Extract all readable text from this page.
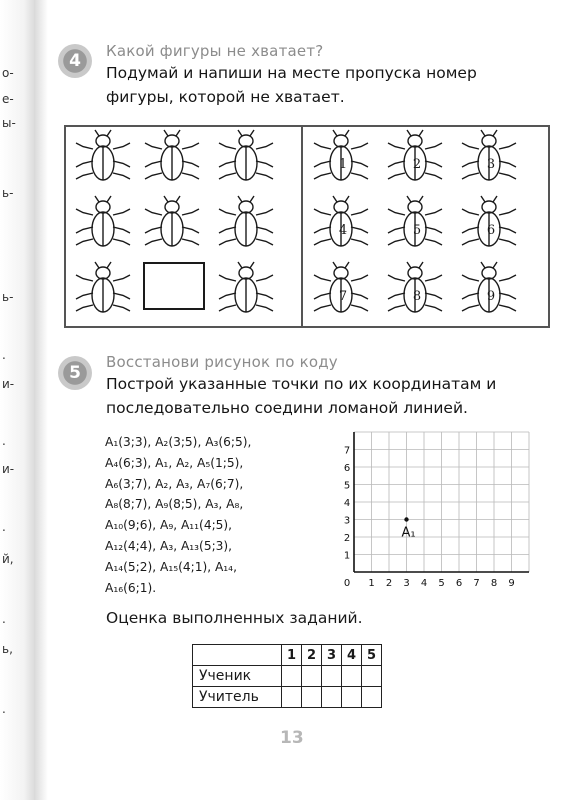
о-
е-
ы-
ь-
ь-
.
и-
.
и-
.
й,
.
ь,
.
4	Какой фигуры не хватает?
Подумай и напиши на месте пропуска номер
фигуры, которой не хватает.
1	2	3
4	5	6
7	8	9
5
Восстанови рисунок по коду
Построй указанные точки по их координатам и
последовательно соедини ломаной линией.
A₁(3;3), A₂(3;5), A₃(6;5),
A₄(6;3), A₁, A₂, A₅(1;5),
A₆(3;7), A₂, A₃, A₇(6;7),
A₈(8;7), A₉(8;5), A₃, A₈,
A₁₀(9;6), A₉, A₁₁(4;5),
A₁₂(4;4), A₃, A₁₃(5;3),
A₁₄(5;2), A₁₅(4;1), A₁₄,
A₁₆(6;1).	0 1 2 3 4 5 6 7 8 9
1
2
3
4
5
6
7
A₁
Оценка выполненных заданий.
	1	2	3	4	5
Ученик					
Учитель					
13
